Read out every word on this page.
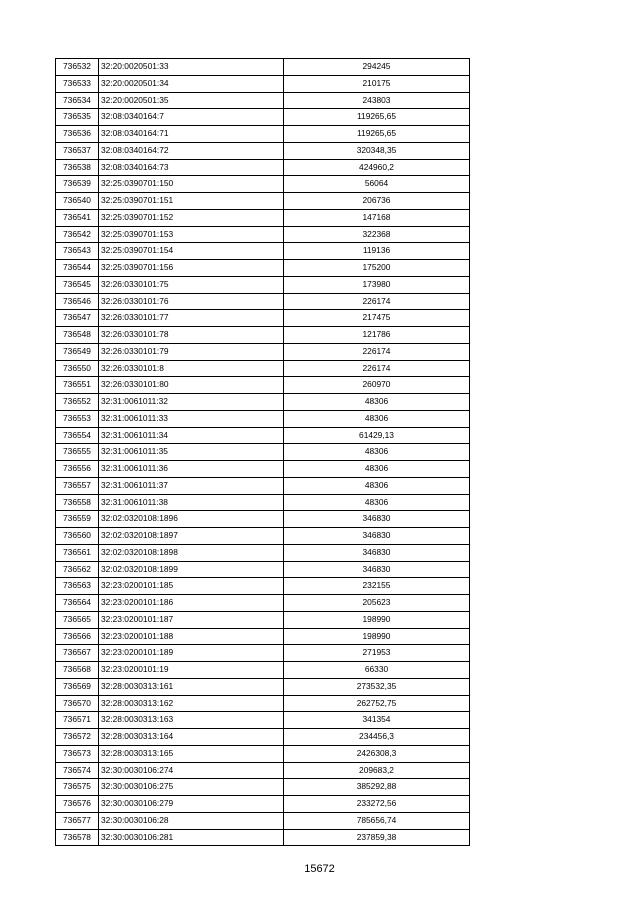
736532	32:20:0020501:33	294245
736533	32:20:0020501:34	210175
736534	32:20:0020501:35	243803
736535	32:08:0340164:7	119265,65
736536	32:08:0340164:71	119265,65
736537	32:08:0340164:72	320348,35
736538	32:08:0340164:73	424960,2
736539	32:25:0390701:150	56064
736540	32:25:0390701:151	206736
736541	32:25:0390701:152	147168
736542	32:25:0390701:153	322368
736543	32:25:0390701:154	119136
736544	32:25:0390701:156	175200
736545	32:26:0330101:75	173980
736546	32:26:0330101:76	226174
736547	32:26:0330101:77	217475
736548	32:26:0330101:78	121786
736549	32:26:0330101:79	226174
736550	32:26:0330101:8	226174
736551	32:26:0330101:80	260970
736552	32:31:0061011:32	48306
736553	32:31:0061011:33	48306
736554	32:31:0061011:34	61429,13
736555	32:31:0061011:35	48306
736556	32:31:0061011:36	48306
736557	32:31:0061011:37	48306
736558	32:31:0061011:38	48306
736559	32:02:0320108:1896	346830
736560	32:02:0320108:1897	346830
736561	32:02:0320108:1898	346830
736562	32:02:0320108:1899	346830
736563	32:23:0200101:185	232155
736564	32:23:0200101:186	205623
736565	32:23:0200101:187	198990
736566	32:23:0200101:188	198990
736567	32:23:0200101:189	271953
736568	32:23:0200101:19	66330
736569	32:28:0030313:161	273532,35
736570	32:28:0030313:162	262752,75
736571	32:28:0030313:163	341354
736572	32:28:0030313:164	234456,3
736573	32:28:0030313:165	2426308,3
736574	32:30:0030106:274	209683,2
736575	32:30:0030106:275	385292,88
736576	32:30:0030106:279	233272,56
736577	32:30:0030106:28	785656,74
736578	32:30:0030106:281	237859,38
15672
